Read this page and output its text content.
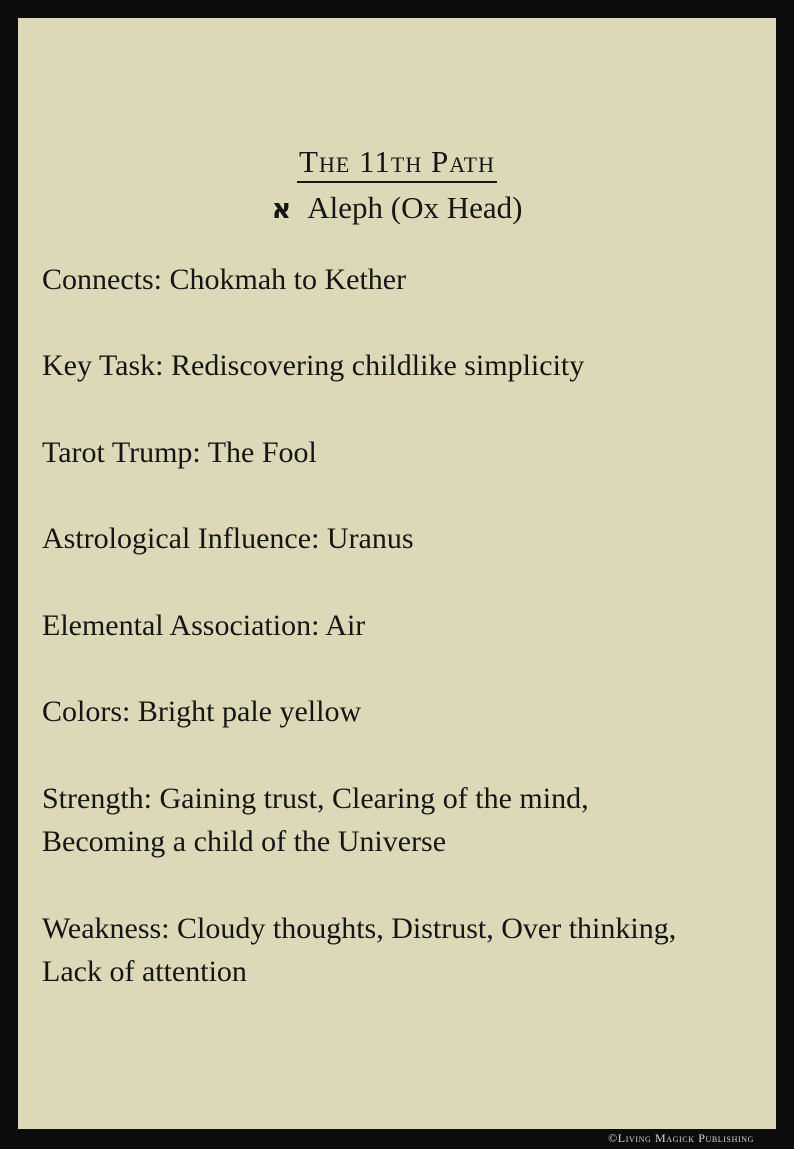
The 11th Path
א Aleph (Ox Head)

Connects: Chokmah to Kether

Key Task: Rediscovering childlike simplicity

Tarot Trump: The Fool

Astrological Influence: Uranus

Elemental Association: Air

Colors: Bright pale yellow

Strength: Gaining trust, Clearing of the mind,

Becoming a child of the Universe

Weakness: Cloudy thoughts, Distrust, Over thinking,

Lack of attention

©Living Magick Publishing
